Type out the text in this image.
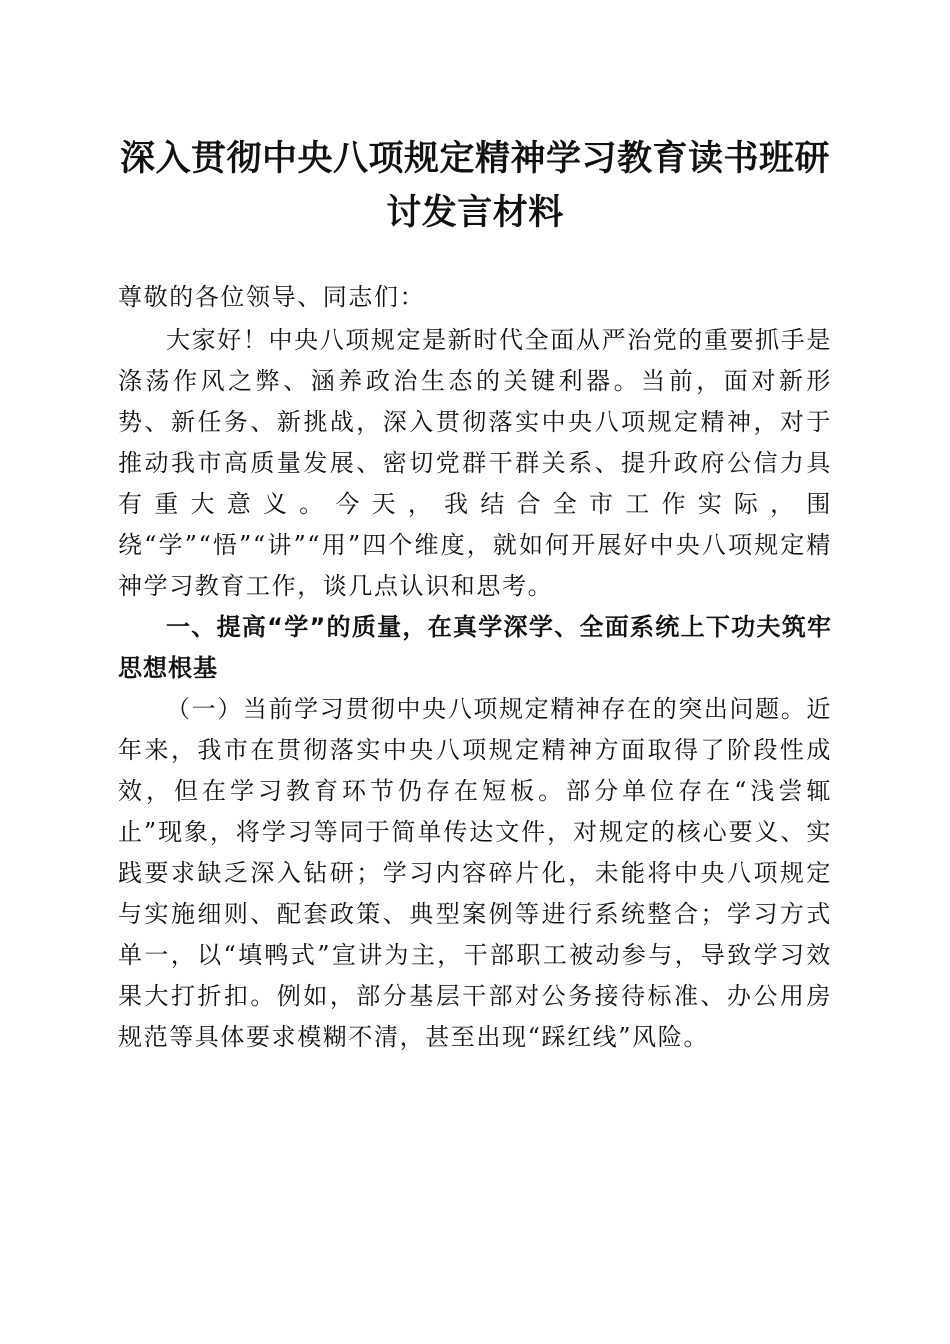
深入贯彻中央八项规定精神学习教育读书班研讨发言材料

尊敬的各位领导、同志们：

大家好！中央八项规定是新时代全面从严治党的重要抓手是涤荡作风之弊、涵养政治生态的关键利器。当前，面对新形势、新任务、新挑战，深入贯彻落实中央八项规定精神，对于推动我市高质量发展、密切党群干群关系、提升政府公信力具有重大意义。今天，我结合全市工作实际，围绕“学”“悟”“讲”“用”四个维度，就如何开展好中央八项规定精神学习教育工作，谈几点认识和思考。

一、提高“学”的质量，在真学深学、全面系统上下功夫筑牢思想根基

（一）当前学习贯彻中央八项规定精神存在的突出问题。近年来，我市在贯彻落实中央八项规定精神方面取得了阶段性成效，但在学习教育环节仍存在短板。部分单位存在“浅尝辄止”现象，将学习等同于简单传达文件，对规定的核心要义、实践要求缺乏深入钻研；学习内容碎片化，未能将中央八项规定与实施细则、配套政策、典型案例等进行系统整合；学习方式单一，以“填鸭式”宣讲为主，干部职工被动参与，导致学习效果大打折扣。例如，部分基层干部对公务接待标准、办公用房规范等具体要求模糊不清，甚至出现“踩红线”风险。
